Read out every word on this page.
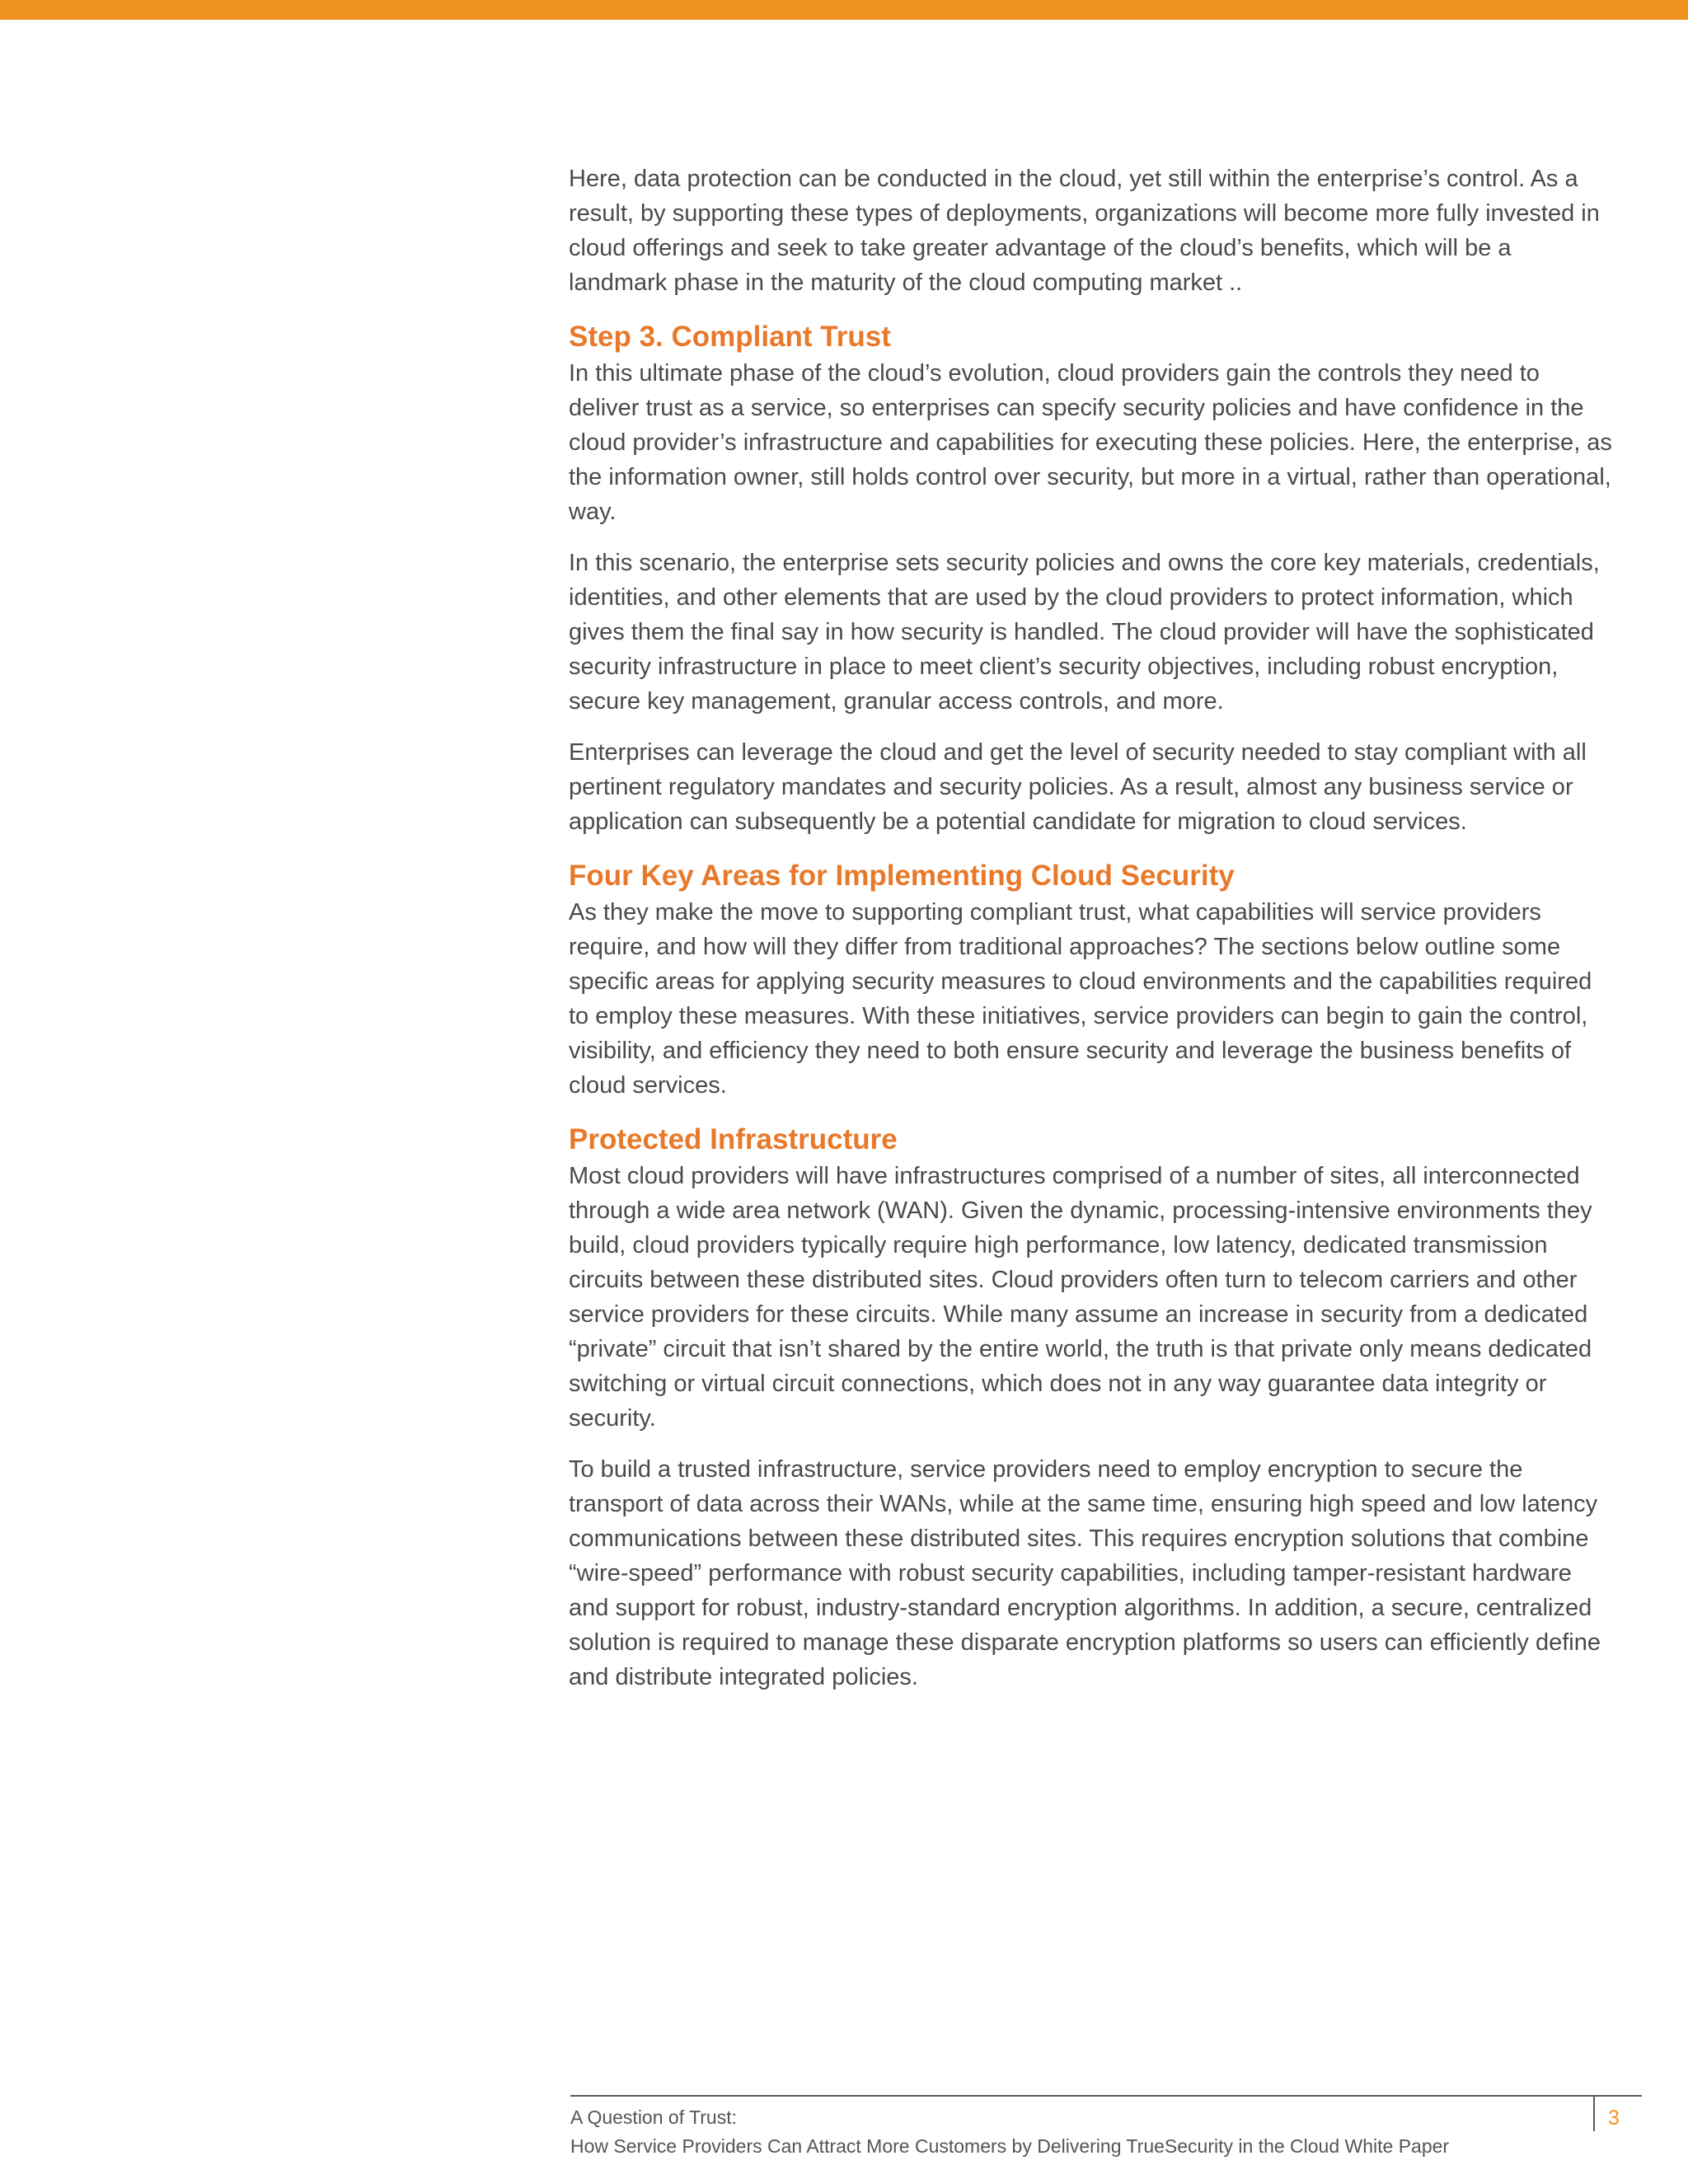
Here, data protection can be conducted in the cloud, yet still within the enterprise’s control. As a result, by supporting these types of deployments, organizations will become more fully invested in cloud offerings and seek to take greater advantage of the cloud’s benefits, which will be a landmark phase in the maturity of the cloud computing market ..

Step 3. Compliant Trust

In this ultimate phase of the cloud’s evolution, cloud providers gain the controls they need to deliver trust as a service, so enterprises can specify security policies and have confidence in the cloud provider’s infrastructure and capabilities for executing these policies. Here, the enterprise, as the information owner, still holds control over security, but more in a virtual, rather than operational, way.

In this scenario, the enterprise sets security policies and owns the core key materials, credentials, identities, and other elements that are used by the cloud providers to protect information, which gives them the final say in how security is handled. The cloud provider will have the sophisticated security infrastructure in place to meet client’s security objectives, including robust encryption, secure key management, granular access controls, and more.

Enterprises can leverage the cloud and get the level of security needed to stay compliant with all pertinent regulatory mandates and security policies. As a result, almost any business service or application can subsequently be a potential candidate for migration to cloud services.

Four Key Areas for Implementing Cloud Security

As they make the move to supporting compliant trust, what capabilities will service providers require, and how will they differ from traditional approaches? The sections below outline some specific areas for applying security measures to cloud environments and the capabilities required to employ these measures. With these initiatives, service providers can begin to gain the control, visibility, and efficiency they need to both ensure security and leverage the business benefits of cloud services.

Protected Infrastructure

Most cloud providers will have infrastructures comprised of a number of sites, all interconnected through a wide area network (WAN). Given the dynamic, processing-intensive environments they build, cloud providers typically require high performance, low latency, dedicated transmission circuits between these distributed sites. Cloud providers often turn to telecom carriers and other service providers for these circuits. While many assume an increase in security from a dedicated “private” circuit that isn’t shared by the entire world, the truth is that private only means dedicated switching or virtual circuit connections, which does not in any way guarantee data integrity or security.

To build a trusted infrastructure, service providers need to employ encryption to secure the transport of data across their WANs, while at the same time, ensuring high speed and low latency communications between these distributed sites. This requires encryption solutions that combine “wire-speed” performance with robust security capabilities, including tamper-resistant hardware and support for robust, industry-standard encryption algorithms. In addition, a secure, centralized solution is required to manage these disparate encryption platforms so users can efficiently define and distribute integrated policies.

A Question of Trust:
How Service Providers Can Attract More Customers by Delivering TrueSecurity in the Cloud White Paper
3
